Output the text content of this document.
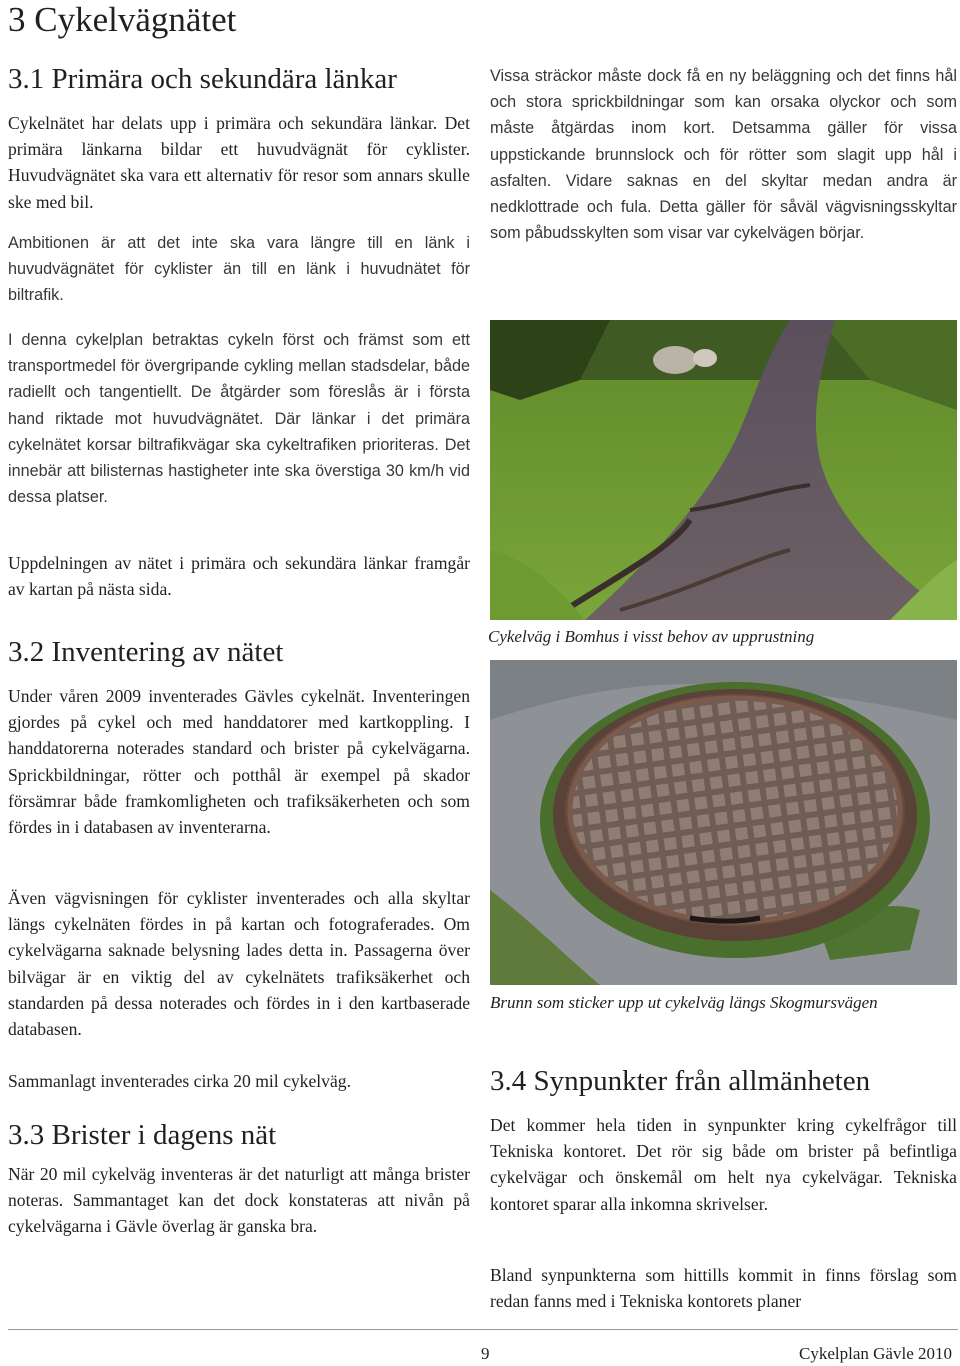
3 Cykelvägnätet
3.1 Primära och sekundära länkar

Cykelnätet har delats upp i primära och sekundära länkar. Det primära länkarna bildar ett huvudvägnät för cyklister. Huvudvägnätet ska vara ett alternativ för resor som annars skulle ske med bil.

Ambitionen är att det inte ska vara längre till en länk i huvudvägnätet för cyklister än till en länk i huvudnätet för biltrafik.

I denna cykelplan betraktas cykeln först och främst som ett transportmedel för övergripande cykling mellan stadsdelar, både radiellt och tangentiellt. De åtgärder som föreslås är i första hand riktade mot huvudvägnätet. Där länkar i det primära cykelnätet korsar biltrafikvägar ska cykeltrafiken prioriteras. Det innebär att bilisternas hastigheter inte ska överstiga 30 km/h vid dessa platser.

Uppdelningen av nätet i primära och sekundära länkar framgår av kartan på nästa sida.

3.2 Inventering av nätet

Under våren 2009 inventerades Gävles cykelnät. Inventeringen gjordes på cykel och med handdatorer med kartkoppling. I handdatorerna noterades standard och brister på cykelvägarna. Sprickbildningar, rötter och potthål är exempel på skador försämrar både framkomligheten och trafiksäkerheten och som fördes in i databasen av inventerarna.

Även vägvisningen för cyklister inventerades och alla skyltar längs cykelnäten fördes in på kartan och fotograferades. Om cykelvägarna saknade belysning lades detta in. Passagerna över bilvägar är en viktig del av cykelnätets trafiksäkerhet och standarden på dessa noterades och fördes in i den kartbaserade databasen.

Sammanlagt inventerades cirka 20 mil cykelväg.

3.3 Brister i dagens nät

När 20 mil cykelväg inventeras är det naturligt att många brister noteras. Sammantaget kan det dock konstateras att nivån på cykelvägarna i Gävle överlag är ganska bra.

Vissa sträckor måste dock få en ny beläggning och det finns hål och stora sprickbildningar som kan orsaka olyckor och som måste åtgärdas inom kort. Detsamma gäller för vissa uppstickande brunnslock och för rötter som slagit upp hål i asfalten. Vidare saknas en del skyltar medan andra är nedklottrade och fula. Detta gäller för såväl vägvisningsskyltar som påbudsskylten som visar var cykelvägen börjar.

Cykelväg i Bomhus i visst behov av upprustning

Brunn som sticker upp ut cykelväg längs Skogmursvägen

3.4 Synpunkter från allmänheten

Det kommer hela tiden in synpunkter kring cykelfrågor till Tekniska kontoret. Det rör sig både om brister på befintliga cykelvägar och önskemål om helt nya cykelvägar. Tekniska kontoret sparar alla inkomna skrivelser.

Bland synpunkterna som hittills kommit in finns förslag som redan fanns med i Tekniska kontorets planer

9	Cykelplan Gävle 2010
